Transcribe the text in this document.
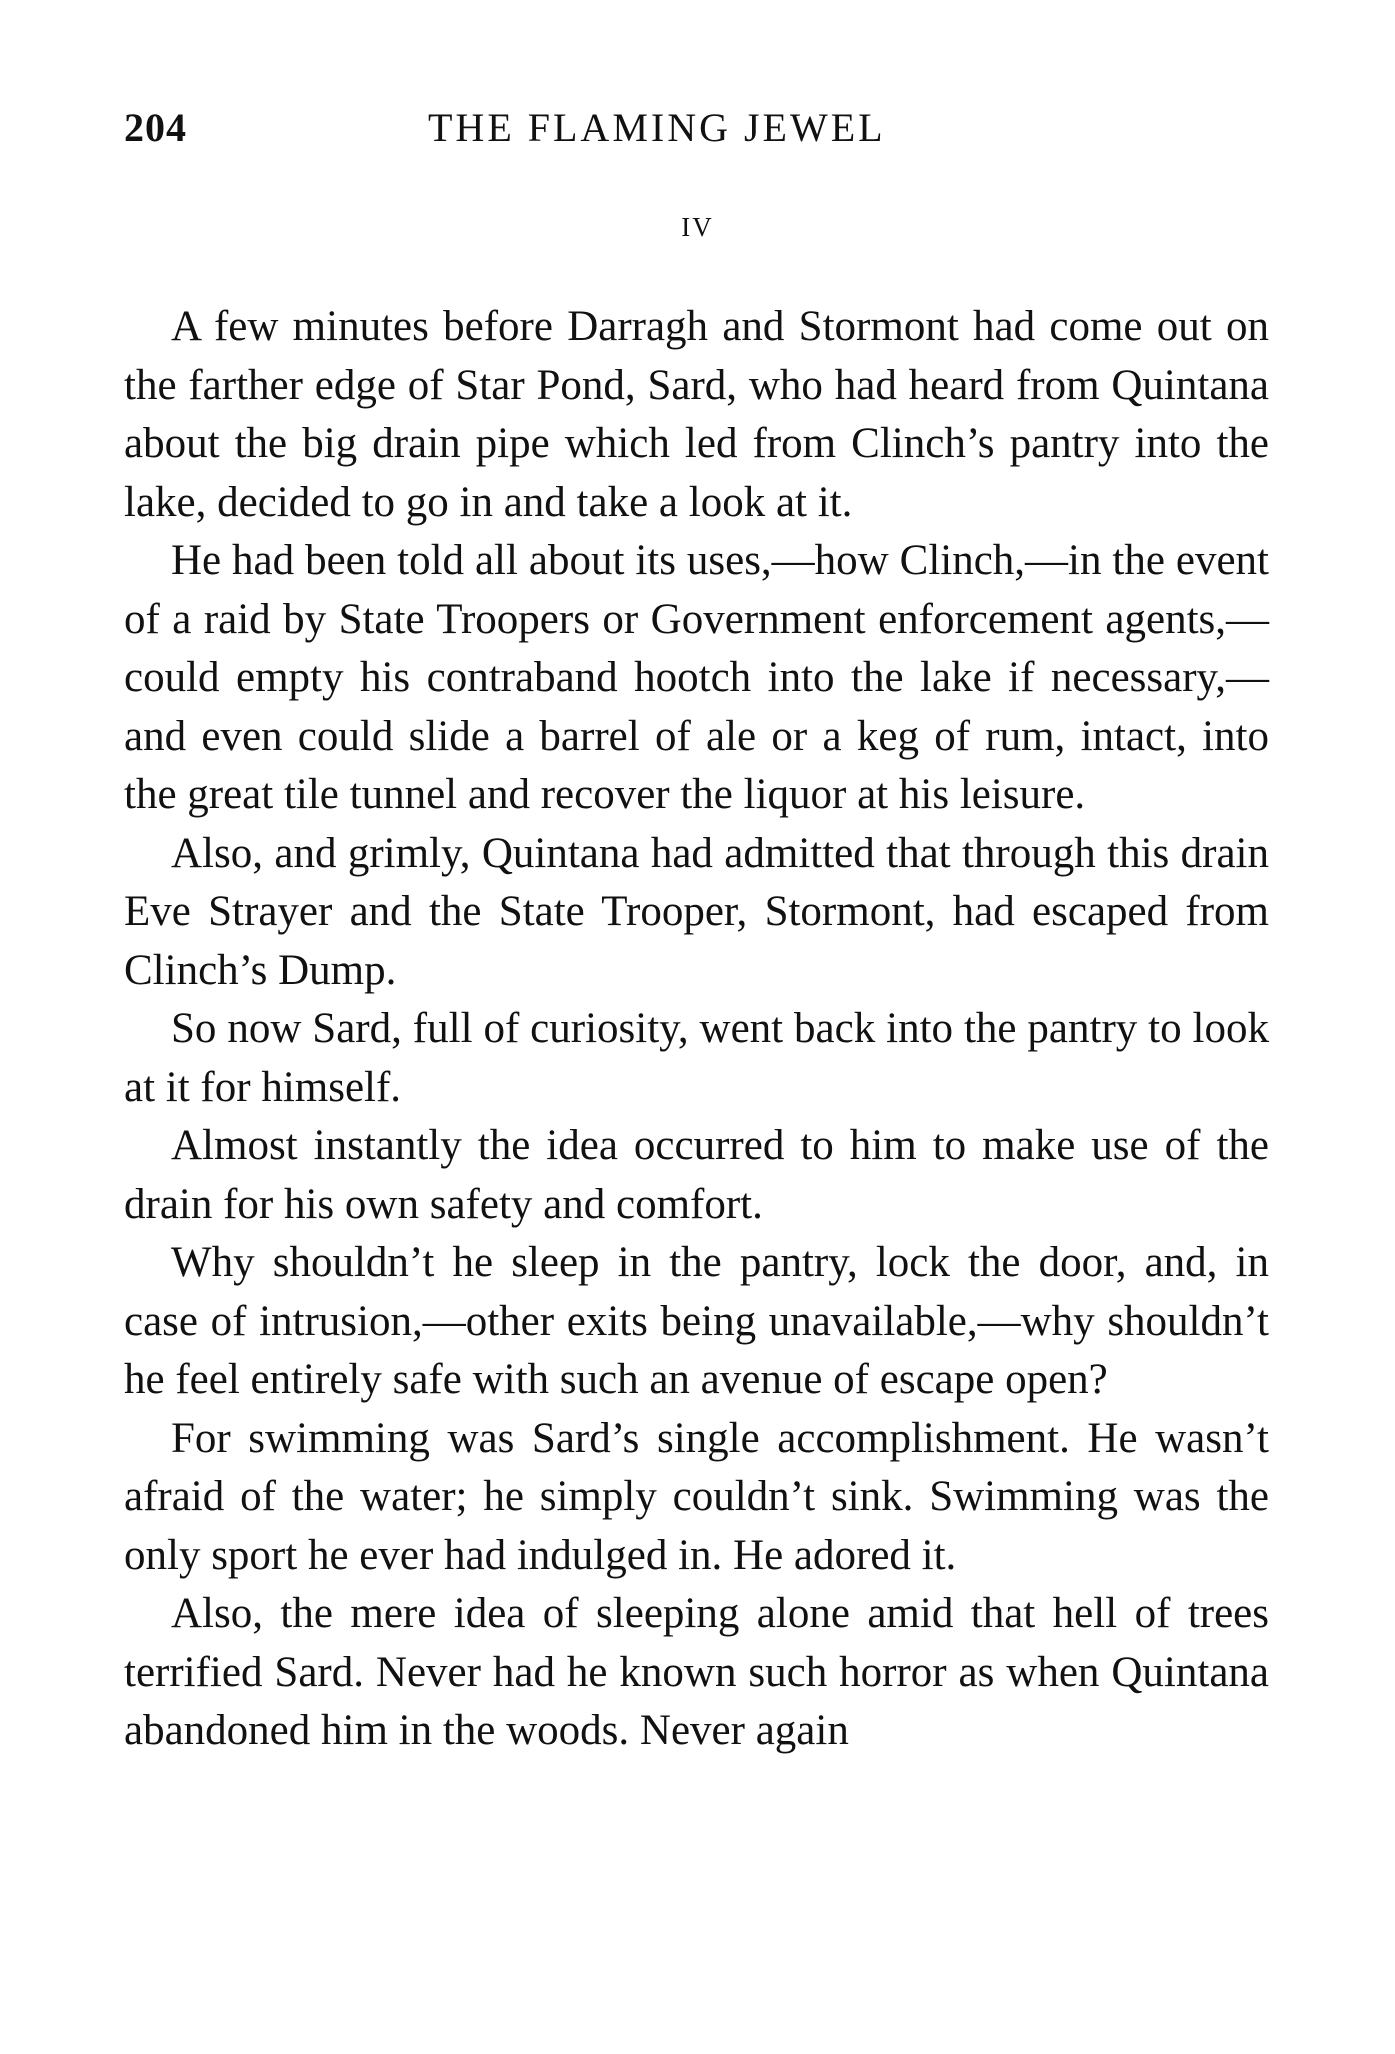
204	THE FLAMING JEWEL
IV

A few minutes before Darragh and Stormont had come out on the farther edge of Star Pond, Sard, who had heard from Quintana about the big drain pipe which led from Clinch’s pantry into the lake, decided to go in and take a look at it.

He had been told all about its uses,—how Clinch,—in the event of a raid by State Troopers or Government enforcement agents,—could empty his contraband hootch into the lake if necessary,—and even could slide a barrel of ale or a keg of rum, intact, into the great tile tunnel and recover the liquor at his leisure.

Also, and grimly, Quintana had admitted that through this drain Eve Strayer and the State Trooper, Stormont, had escaped from Clinch’s Dump.

So now Sard, full of curiosity, went back into the pantry to look at it for himself.

Almost instantly the idea occurred to him to make use of the drain for his own safety and comfort.

Why shouldn’t he sleep in the pantry, lock the door, and, in case of intrusion,—other exits being unavailable,—why shouldn’t he feel entirely safe with such an avenue of escape open?

For swimming was Sard’s single accomplishment. He wasn’t afraid of the water; he simply couldn’t sink. Swimming was the only sport he ever had indulged in. He adored it.

Also, the mere idea of sleeping alone amid that hell of trees terrified Sard. Never had he known such horror as when Quintana abandoned him in the woods. Never again
